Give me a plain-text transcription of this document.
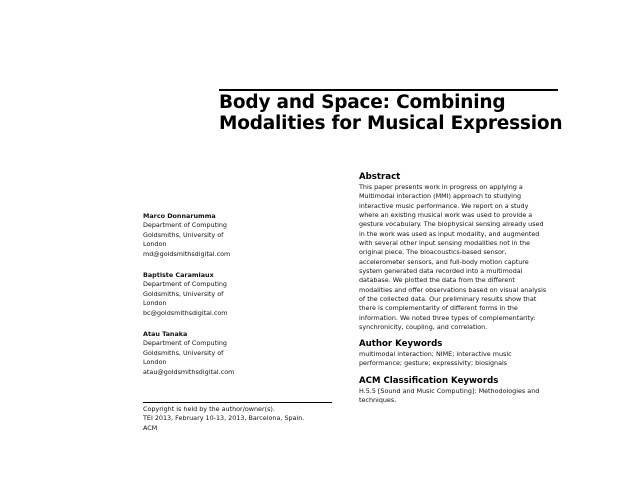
Body and Space: Combining
Modalities for Musical Expression
Marco Donnarumma
Department of Computing
Goldsmiths, University of
London
md@goldsmithsdigital.com
Baptiste Caramiaux
Department of Computing
Goldsmiths, University of
London
bc@goldsmithsdigital.com
Atau Tanaka
Department of Computing
Goldsmiths, University of
London
atau@goldsmithsdigital.com
Copyright is held by the author/owner(s).
TEI 2013, February 10-13, 2013, Barcelona, Spain.
ACM
Abstract
This paper presents work in progress on applying a
Multimodal interaction (MMI) approach to studying
interactive music performance. We report on a study
where an existing musical work was used to provide a
gesture vocabulary. The biophysical sensing already used
in the work was used as input modality, and augmented
with several other input sensing modalities not in the
original piece. The bioacoustics-based sensor,
accelerometer sensors, and full-body motion capture
system generated data recorded into a multimodal
database. We plotted the data from the different
modalities and offer observations based on visual analysis
of the collected data. Our preliminary results show that
there is complementarity of different forms in the
information. We noted three types of complementarity:
synchronicity, coupling, and correlation.
Author Keywords
multimodal interaction; NIME; interactive music
performance; gesture; expressivity; biosignals
ACM Classification Keywords
H.5.5 [Sound and Music Computing]: Methodologies and
techniques.
